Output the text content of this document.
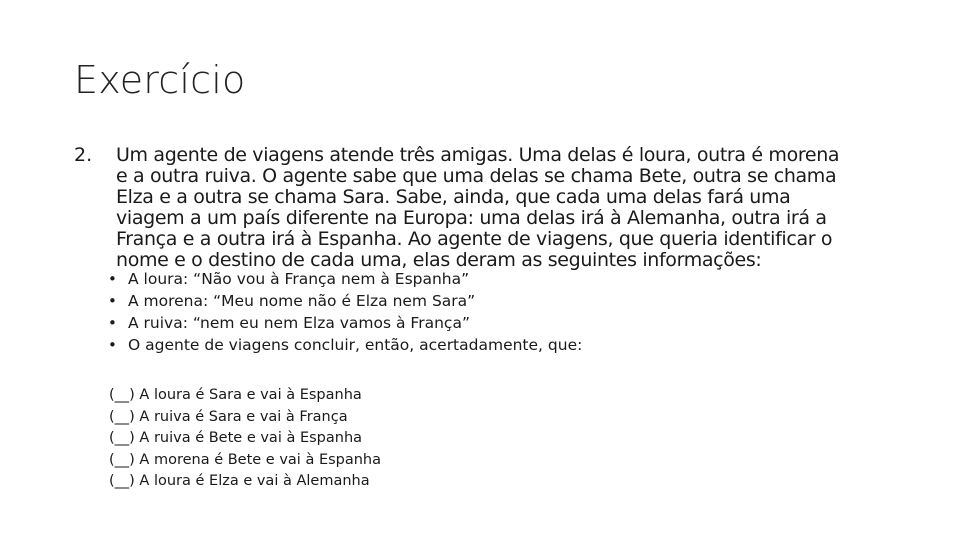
Exercício
2. Um agente de viagens atende três amigas. Uma delas é loura, outra é morena
e a outra ruiva. O agente sabe que uma delas se chama Bete, outra se chama
Elza e a outra se chama Sara. Sabe, ainda, que cada uma delas fará uma
viagem a um país diferente na Europa: uma delas irá à Alemanha, outra irá a
França e a outra irá à Espanha. Ao agente de viagens, que queria identificar o
nome e o destino de cada uma, elas deram as seguintes informações:
• A loura: “Não vou à França nem à Espanha”
• A morena: “Meu nome não é Elza nem Sara”
• A ruiva: “nem eu nem Elza vamos à França”
• O agente de viagens concluir, então, acertadamente, que:
(__) A loura é Sara e vai à Espanha
(__) A ruiva é Sara e vai à França
(__) A ruiva é Bete e vai à Espanha
(__) A morena é Bete e vai à Espanha
(__) A loura é Elza e vai à Alemanha
